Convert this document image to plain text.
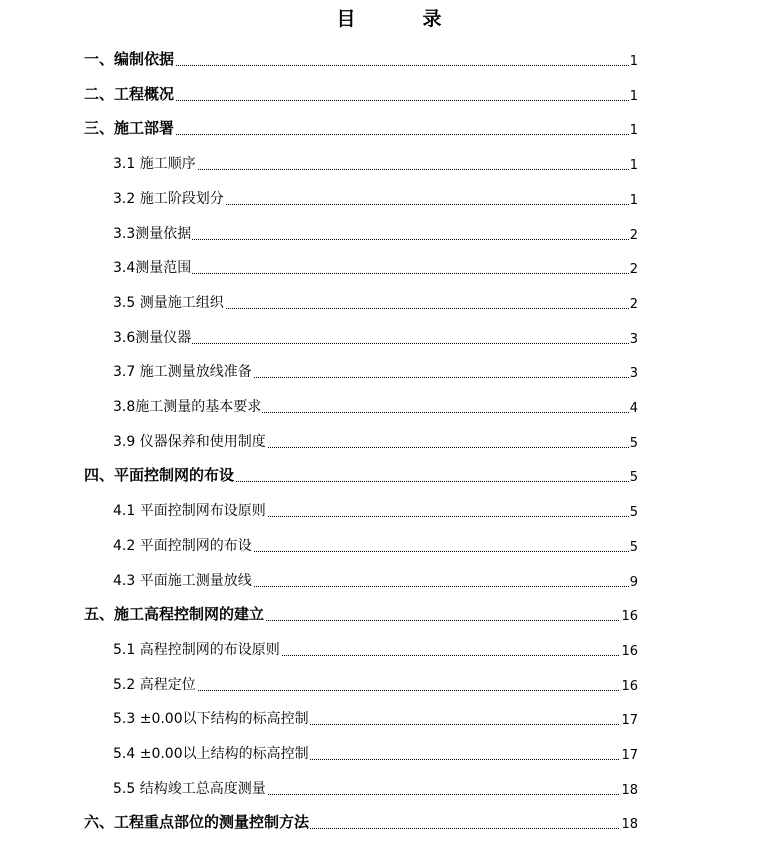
目　录
一、编制依据	1
二、工程概况	1
三、施工部署	1
3.1 施工顺序	1
3.2 施工阶段划分	1
3.3测量依据	2
3.4测量范围	2
3.5 测量施工组织	2
3.6测量仪器	3
3.7 施工测量放线准备	3
3.8施工测量的基本要求	4
3.9 仪器保养和使用制度	5
四、平面控制网的布设	5
4.1 平面控制网布设原则	5
4.2 平面控制网的布设	5
4.3 平面施工测量放线	9
五、施工高程控制网的建立	16
5.1 高程控制网的布设原则	16
5.2 高程定位	16
5.3 ±0.00以下结构的标高控制	17
5.4 ±0.00以上结构的标高控制	17
5.5 结构竣工总高度测量	18
六、工程重点部位的测量控制方法	18
